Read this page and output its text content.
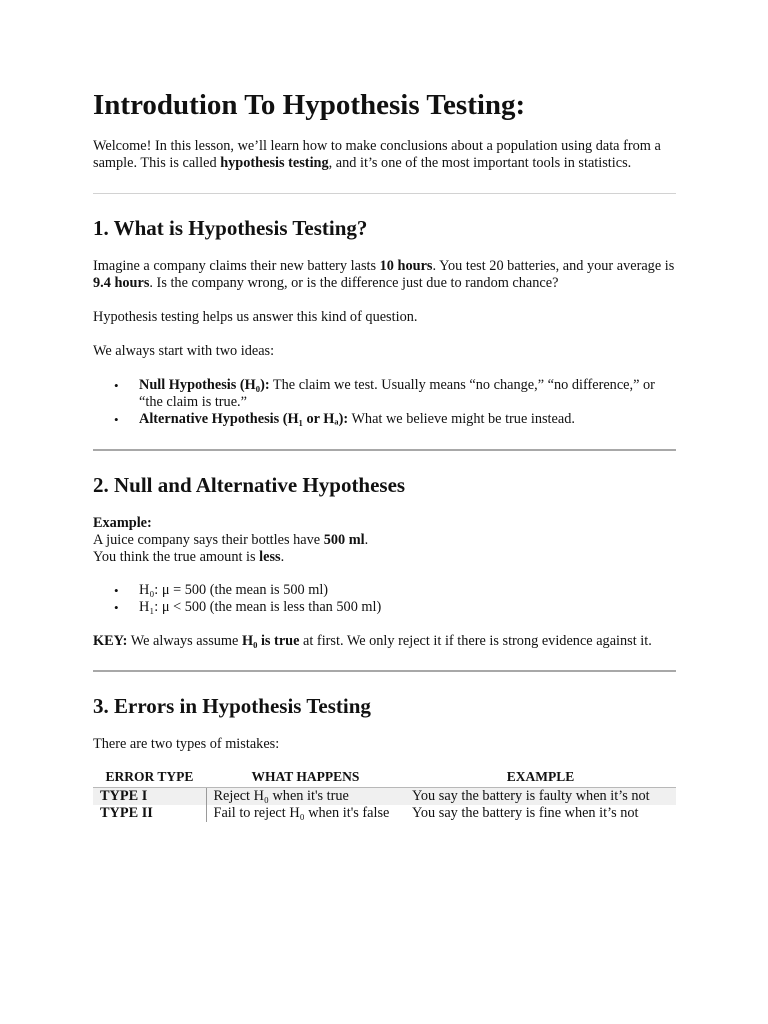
Introdution To Hypothesis Testing:

Welcome! In this lesson, we’ll learn how to make conclusions about a population using data from a sample. This is called hypothesis testing, and it’s one of the most important tools in statistics.

1. What is Hypothesis Testing?

Imagine a company claims their new battery lasts 10 hours. You test 20 batteries, and your average is 9.4 hours. Is the company wrong, or is the difference just due to random chance?

Hypothesis testing helps us answer this kind of question.

We always start with two ideas:

• Null Hypothesis (H₀): The claim we test. Usually means “no change,” “no difference,” or “the claim is true.”
• Alternative Hypothesis (H₁ or Hₐ): What we believe might be true instead.
2. Null and Alternative Hypotheses

Example:

A juice company says their bottles have 500 ml.

You think the true amount is less.

• H₀: μ = 500 (the mean is 500 ml)
• H₁: μ < 500 (the mean is less than 500 ml)

KEY: We always assume H₀ is true at first. We only reject it if there is strong evidence against it.

3. Errors in Hypothesis Testing

There are two types of mistakes:

ERROR TYPE	WHAT HAPPENS	EXAMPLE
TYPE I	Reject H₀ when it's true	You say the battery is faulty when it’s not
TYPE II	Fail to reject H₀ when it's false	You say the battery is fine when it’s not
